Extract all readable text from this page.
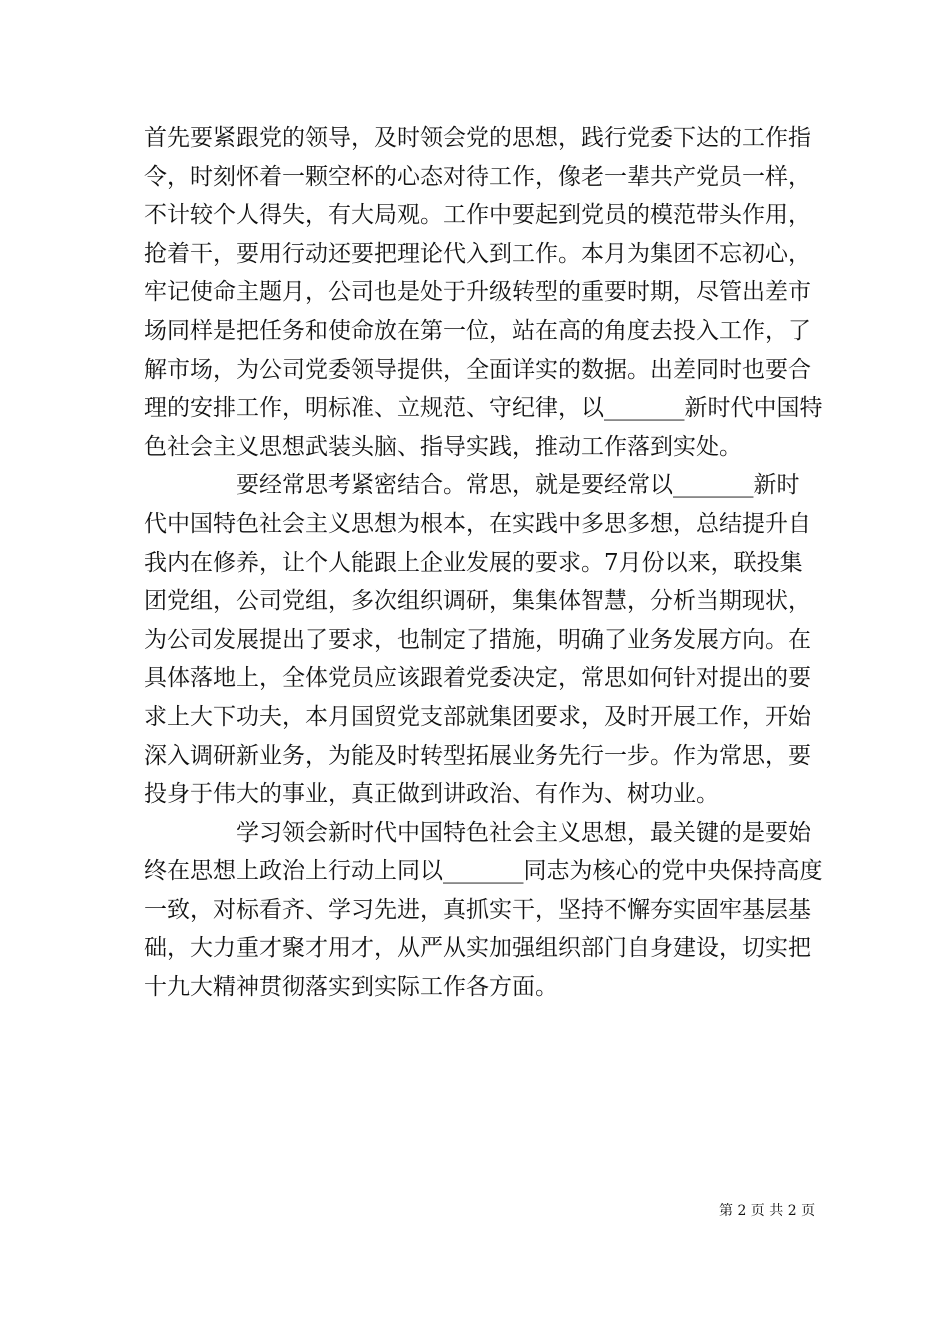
首先要紧跟党的领导，及时领会党的思想，践行党委下达的工作指
令，时刻怀着一颗空杯的心态对待工作，像老一辈共产党员一样，
不计较个人得失，有大局观。工作中要起到党员的模范带头作用，
抢着干，要用行动还要把理论代入到工作。本月为集团不忘初心，
牢记使命主题月，公司也是处于升级转型的重要时期，尽管出差市
场同样是把任务和使命放在第一位，站在高的角度去投入工作，了
解市场，为公司党委领导提供，全面详实的数据。出差同时也要合
理的安排工作，明标准、立规范、守纪律，以_______新时代中国特
色社会主义思想武装头脑、指导实践，推动工作落到实处。
要经常思考紧密结合。常思，就是要经常以_______新时
代中国特色社会主义思想为根本，在实践中多思多想，总结提升自
我内在修养，让个人能跟上企业发展的要求。7月份以来，联投集
团党组，公司党组，多次组织调研，集集体智慧，分析当期现状，
为公司发展提出了要求，也制定了措施，明确了业务发展方向。在
具体落地上，全体党员应该跟着党委决定，常思如何针对提出的要
求上大下功夫，本月国贸党支部就集团要求，及时开展工作，开始
深入调研新业务，为能及时转型拓展业务先行一步。作为常思，要
投身于伟大的事业，真正做到讲政治、有作为、树功业。
学习领会新时代中国特色社会主义思想，最关键的是要始
终在思想上政治上行动上同以_______同志为核心的党中央保持高度
一致，对标看齐、学习先进，真抓实干，坚持不懈夯实固牢基层基
础，大力重才聚才用才，从严从实加强组织部门自身建设，切实把
十九大精神贯彻落实到实际工作各方面。
第 2 页 共 2 页
